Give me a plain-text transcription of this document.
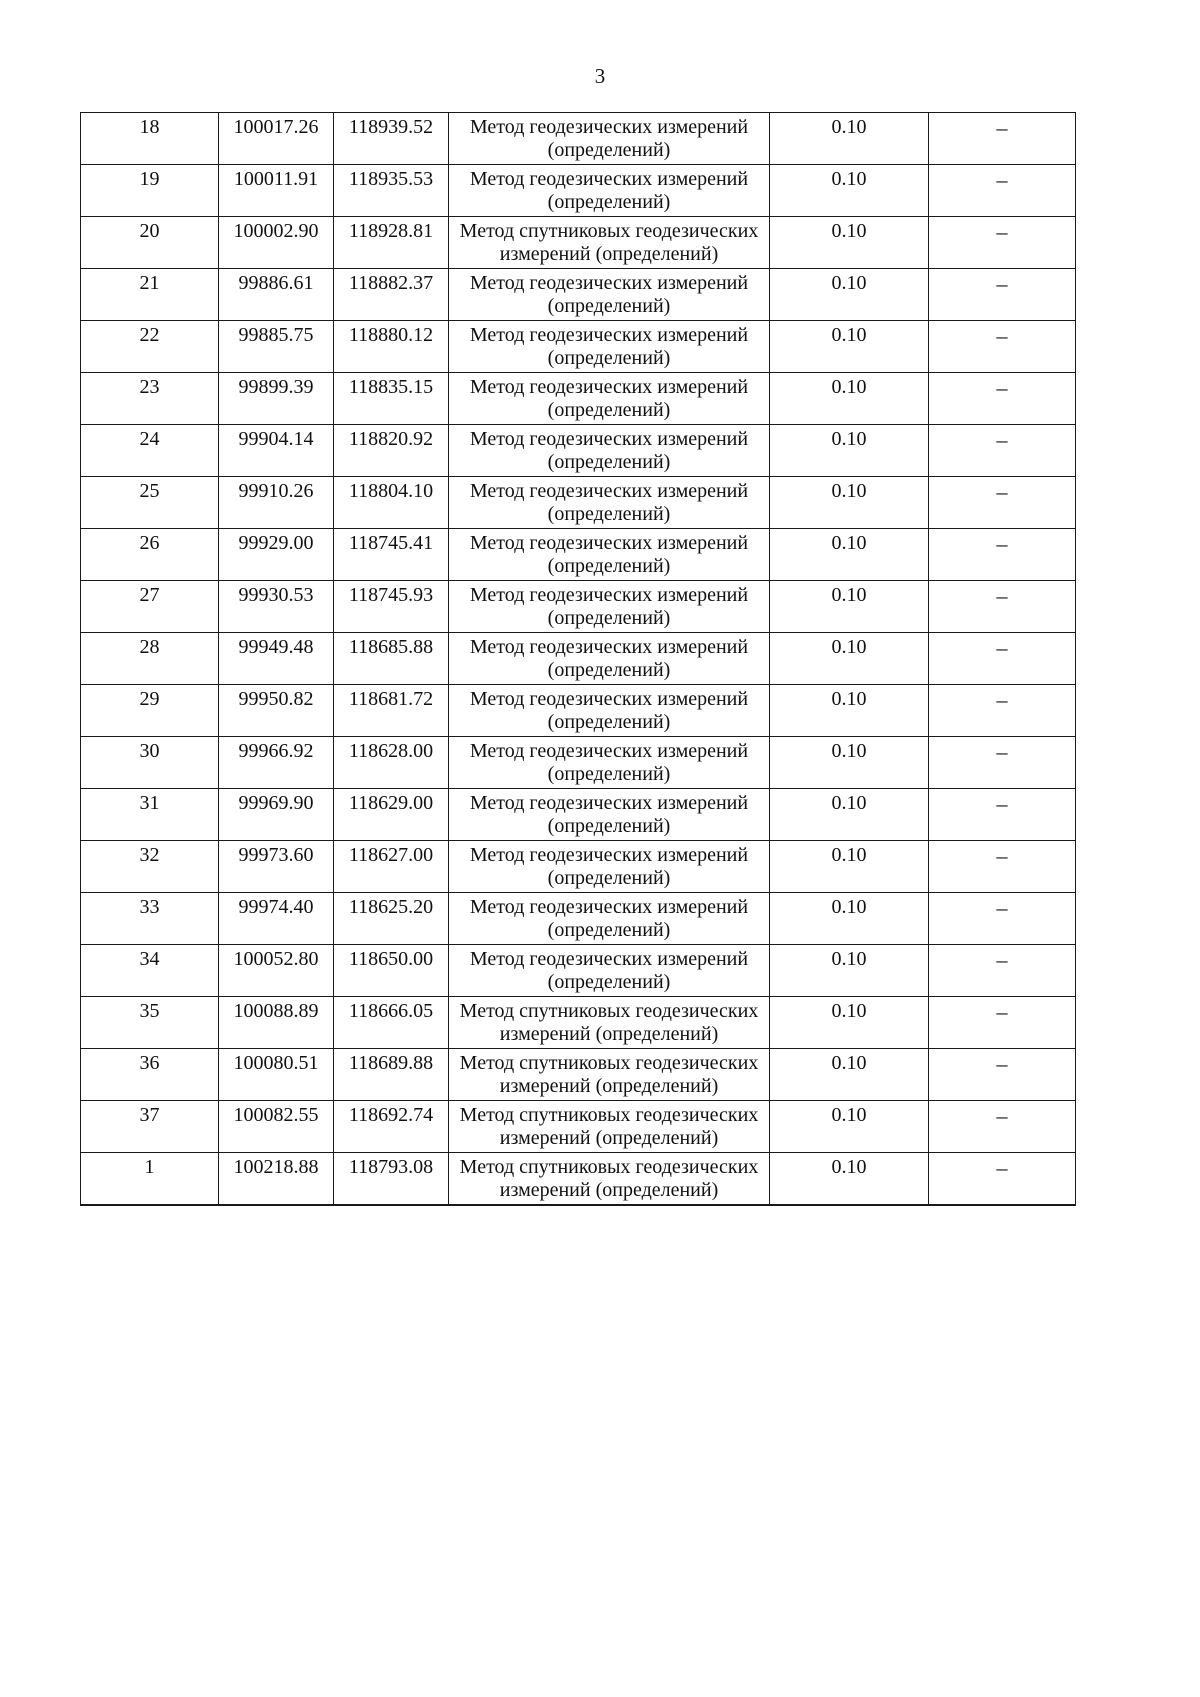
3
18	100017.26	118939.52	Метод геодезических измерений (определений)	0.10	–
19	100011.91	118935.53	Метод геодезических измерений (определений)	0.10	–
20	100002.90	118928.81	Метод спутниковых геодезических измерений (определений)	0.10	–
21	99886.61	118882.37	Метод геодезических измерений (определений)	0.10	–
22	99885.75	118880.12	Метод геодезических измерений (определений)	0.10	–
23	99899.39	118835.15	Метод геодезических измерений (определений)	0.10	–
24	99904.14	118820.92	Метод геодезических измерений (определений)	0.10	–
25	99910.26	118804.10	Метод геодезических измерений (определений)	0.10	–
26	99929.00	118745.41	Метод геодезических измерений (определений)	0.10	–
27	99930.53	118745.93	Метод геодезических измерений (определений)	0.10	–
28	99949.48	118685.88	Метод геодезических измерений (определений)	0.10	–
29	99950.82	118681.72	Метод геодезических измерений (определений)	0.10	–
30	99966.92	118628.00	Метод геодезических измерений (определений)	0.10	–
31	99969.90	118629.00	Метод геодезических измерений (определений)	0.10	–
32	99973.60	118627.00	Метод геодезических измерений (определений)	0.10	–
33	99974.40	118625.20	Метод геодезических измерений (определений)	0.10	–
34	100052.80	118650.00	Метод геодезических измерений (определений)	0.10	–
35	100088.89	118666.05	Метод спутниковых геодезических измерений (определений)	0.10	–
36	100080.51	118689.88	Метод спутниковых геодезических измерений (определений)	0.10	–
37	100082.55	118692.74	Метод спутниковых геодезических измерений (определений)	0.10	–
1	100218.88	118793.08	Метод спутниковых геодезических измерений (определений)	0.10	–
